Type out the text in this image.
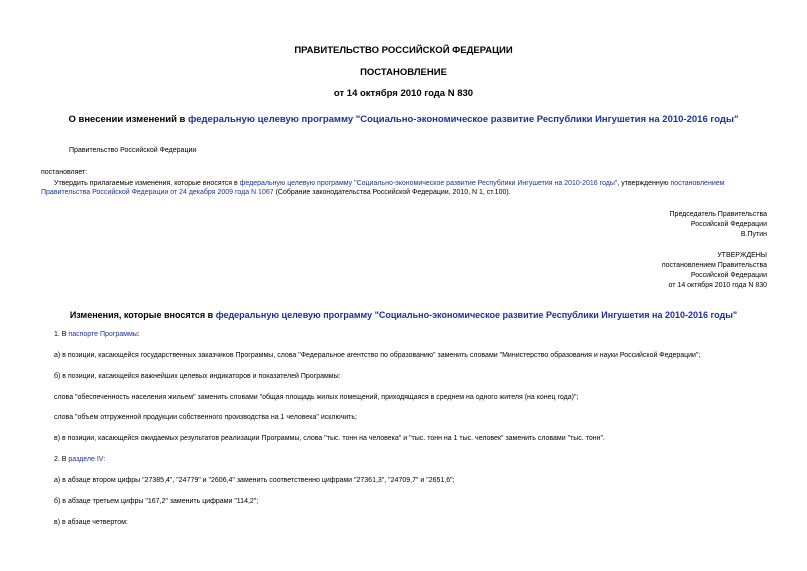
ПРАВИТЕЛЬСТВО РОССИЙСКОЙ ФЕДЕРАЦИИ
ПОСТАНОВЛЕНИЕ
от 14 октября 2010 года N 830
О внесении изменений в федеральную целевую программу "Социально-экономическое развитие Республики Ингушетия на 2010-2016 годы"
Правительство Российской Федерации
постановляет:
Утвердить прилагаемые изменения, которые вносятся в федеральную целевую программу "Социально-экономическое развитие Республики Ингушетия на 2010-2016 годы", утвержденную постановлением
Правительства Российской Федерации от 24 декабря 2009 года N 1067 (Собрание законодательства Российской Федерации, 2010, N 1, ст.100).
Председатель Правительства
Российской Федерации
В.Путин
УТВЕРЖДЕНЫ
постановлением Правительства
Российской Федерации
от 14 октября 2010 года N 830
Изменения, которые вносятся в федеральную целевую программу "Социально-экономическое развитие Республики Ингушетия на 2010-2016 годы"
1. В паспорте Программы:
а) в позиции, касающейся государственных заказчиков Программы, слова "Федеральное агентство по образованию" заменить словами "Министерство образования и науки Российской Федерации";
б) в позиции, касающейся важнейших целевых индикаторов и показателей Программы:
слова "обеспеченность населения жильем" заменить словами "общая площадь жилых помещений, приходящаяся в среднем на одного жителя (на конец года)";
слова "объем отгруженной продукции собственного производства на 1 человека" исключить;
в) в позиции, касающейся ожидаемых результатов реализации Программы, слова "тыс. тонн на человека" и "тыс. тонн на 1 тыс. человек" заменить словами "тыс. тонн".
2. В разделе IV:
а) в абзаце втором цифры "27385,4", "24779" и "2606,4" заменить соответственно цифрами "27361,3", "24709,7" и "2651,6";
б) в абзаце третьем цифры "167,2" заменить цифрами "114,2";
в) в абзаце четвертом:
